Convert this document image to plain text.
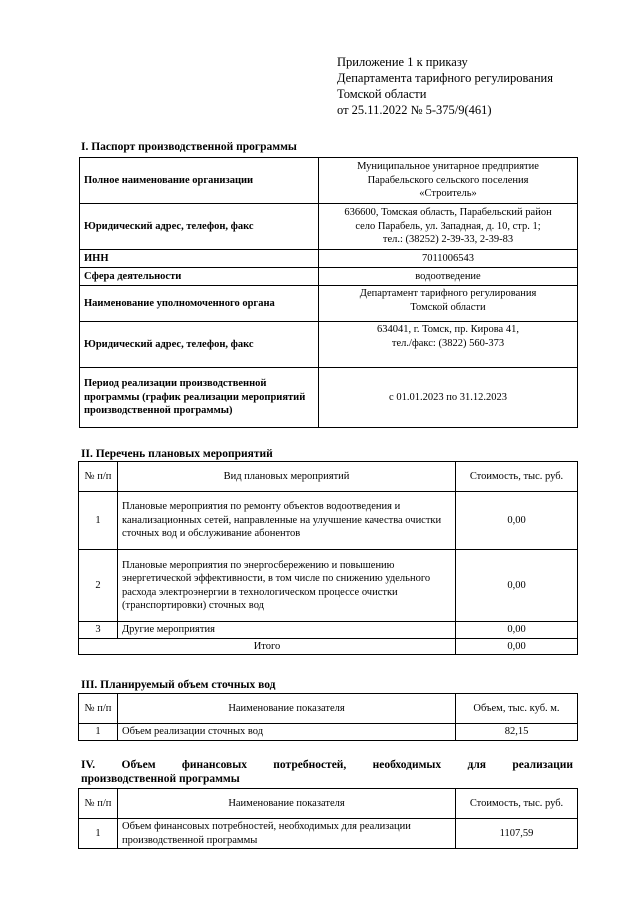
Приложение 1 к приказу
Департамента тарифного регулирования
Томской области
от 25.11.2022 № 5-375/9(461)
I. Паспорт производственной программы
Полное наименование организации	Муниципальное унитарное предприятие
Парабельского сельского поселения
«Строитель»

Юридический адрес, телефон, факс	636600, Томская область, Парабельский район
село Парабель, ул. Западная, д. 10, стр. 1;
тел.: (38252) 2-39-33, 2-39-83

ИНН	7011006543
Сфера деятельности	водоотведение
Наименование уполномоченного органа	Департамент тарифного регулирования
Томской области

Юридический адрес, телефон, факс	634041, г. Томск, пр. Кирова 41,
тел./факс: (3822) 560-373

Период реализации производственной программы (график реализации мероприятий производственной программы)	с 01.01.2023 по 31.12.2023
II. Перечень плановых мероприятий
№ п/п	Вид плановых мероприятий	Стоимость, тыс. руб.
1	Плановые мероприятия по ремонту объектов водоотведения и канализационных сетей, направленные на улучшение качества очистки сточных вод и обслуживание абонентов	0,00
2	Плановые мероприятия по энергосбережению и повышению энергетической эффективности, в том числе по снижению удельного расхода электроэнергии в технологическом процессе очистки (транспортировки) сточных вод	0,00
3	Другие мероприятия	0,00
Итого		0,00
III. Планируемый объем сточных вод
№ п/п	Наименование показателя	Объем, тыс. куб. м.
1	Объем реализации сточных вод	82,15
IV. Объем финансовых потребностей, необходимых для реализации
производственной программы
№ п/п	Наименование показателя	Стоимость, тыс. руб.
1	Объем финансовых потребностей, необходимых для реализации производственной программы	1107,59
